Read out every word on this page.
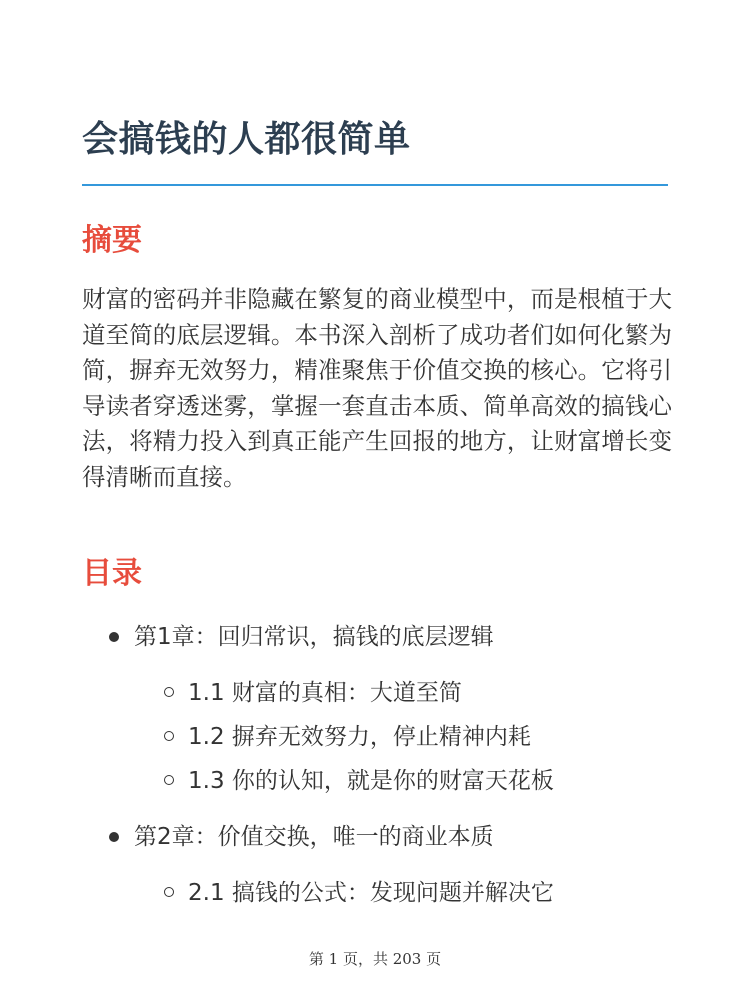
会搞钱的人都很简单
摘要

财富的密码并非隐藏在繁复的商业模型中，而是根植于大道至简的底层逻辑。本书深入剖析了成功者们如何化繁为简，摒弃无效努力，精准聚焦于价值交换的核心。它将引导读者穿透迷雾，掌握一套直击本质、简单高效的搞钱心法，将精力投入到真正能产生回报的地方，让财富增长变得清晰而直接。

目录
第1章：回归常识，搞钱的底层逻辑
1.1 财富的真相：大道至简
1.2 摒弃无效努力，停止精神内耗
1.3 你的认知，就是你的财富天花板
第2章：价值交换，唯一的商业本质
2.1 搞钱的公式：发现问题并解决它
第 1 页，共 203 页
